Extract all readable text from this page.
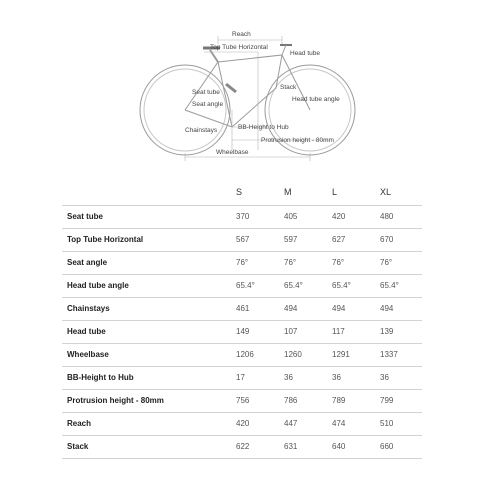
Reach
Top Tube Horizontal
Head tube
Stack
Seat tube
Seat angle
Head tube angle
Chainstays	BB-Height to Hub
Protrusion height - 80mm
Wheelbase
S	M	L	XL
Seat tube	370	405	420	480
Top Tube Horizontal	567	597	627	670
Seat angle	76°	76°	76°	76°
Head tube angle	65.4°	65.4°	65.4°	65.4°
Chainstays	461	494	494	494
Head tube	149	107	117	139
Wheelbase	1206	1260	1291	1337
BB-Height to Hub	17	36	36	36
Protrusion height - 80mm	756	786	789	799
Reach	420	447	474	510
Stack	622	631	640	660
